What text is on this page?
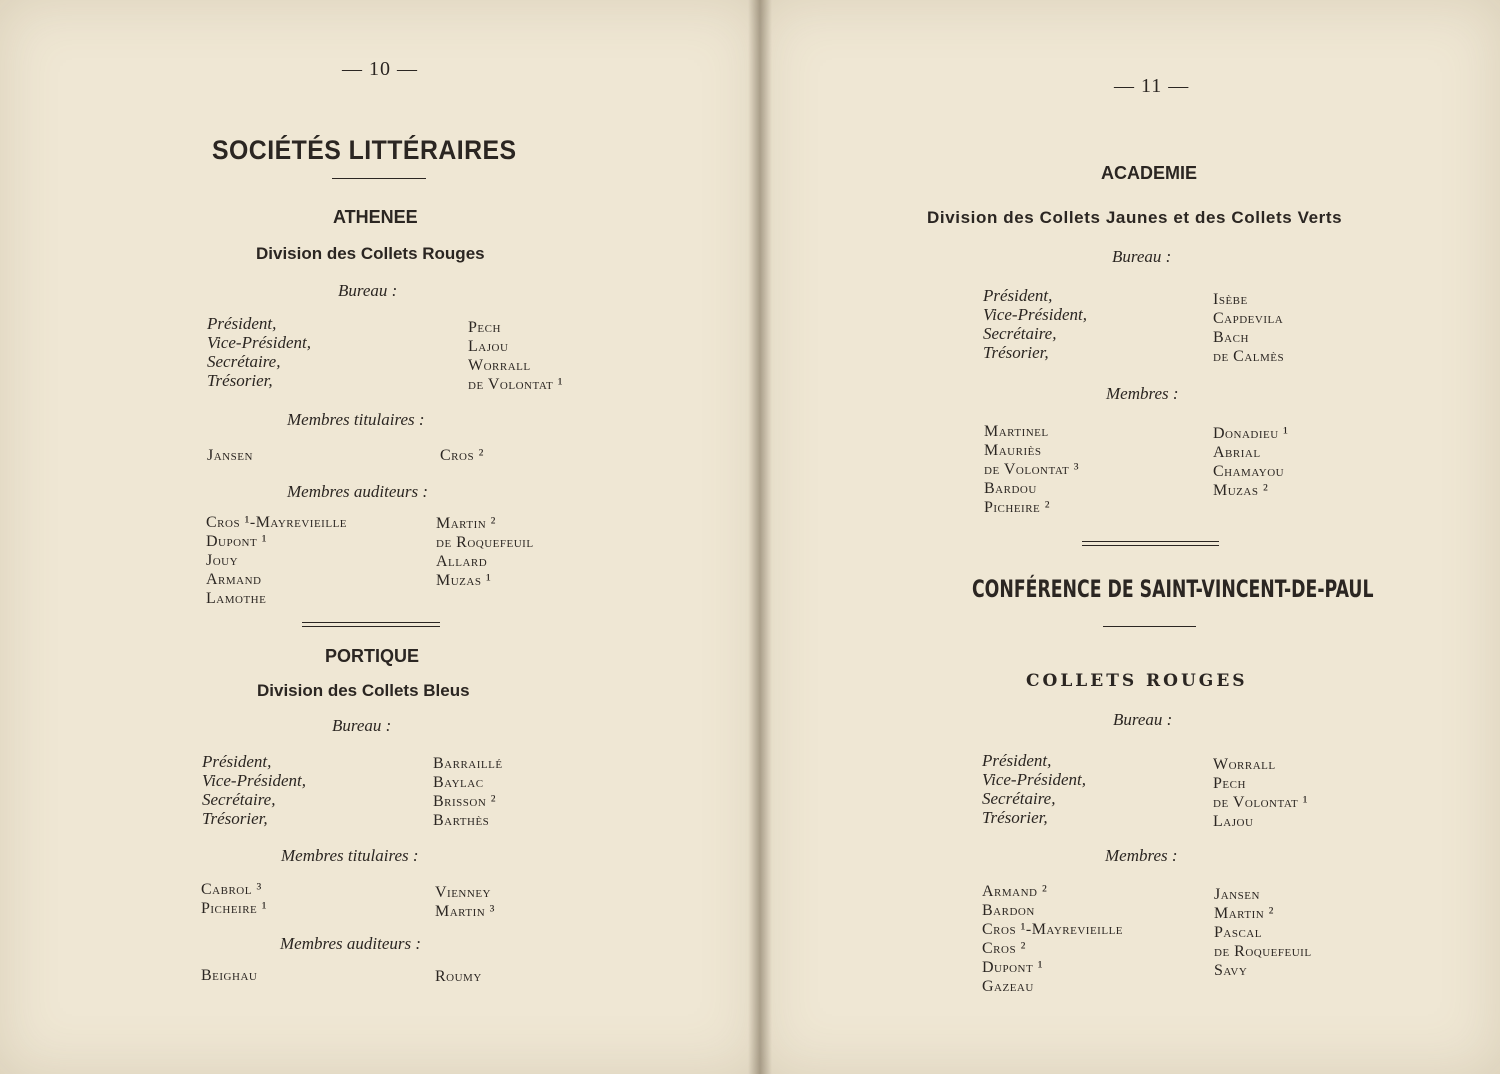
— 10 —
SOCIÉTÉS LITTÉRAIRES
ATHENEE
Division des Collets Rouges
Bureau :
Président,
Vice-Président,
Secrétaire,
Trésorier,
Pech
Lajou
Worrall
de Volontat ¹
Membres titulaires :
Jansen	Cros ²
Membres auditeurs :
Cros ¹-Mayrevieille
Dupont ¹
Jouy
Armand
Lamothe
Martin ²
de Roquefeuil
Allard
Muzas ¹
PORTIQUE
Division des Collets Bleus
Bureau :
Président,
Vice-Président,
Secrétaire,
Trésorier,
Barraillé
Baylac
Brisson ²
Barthès
Membres titulaires :
Cabrol ³
Picheire ¹
Vienney
Martin ³
Membres auditeurs :
Beighau	Roumy
— 11 —
ACADEMIE
Division des Collets Jaunes et des Collets Verts
Bureau :
Président,
Vice-Président,
Secrétaire,
Trésorier,
Isèbe
Capdevila
Bach
de Calmès
Membres :
Martinel
Mauriès
de Volontat ³
Bardou
Picheire ²
Donadieu ¹
Abrial
Chamayou
Muzas ²
CONFÉRENCE DE SAINT-VINCENT-DE-PAUL
COLLETS ROUGES
Bureau :
Président,
Vice-Président,
Secrétaire,
Trésorier,
Worrall
Pech
de Volontat ¹
Lajou
Membres :
Armand ²
Bardon
Cros ¹-Mayrevieille
Cros ²
Dupont ¹
Gazeau
Jansen
Martin ²
Pascal
de Roquefeuil
Savy
